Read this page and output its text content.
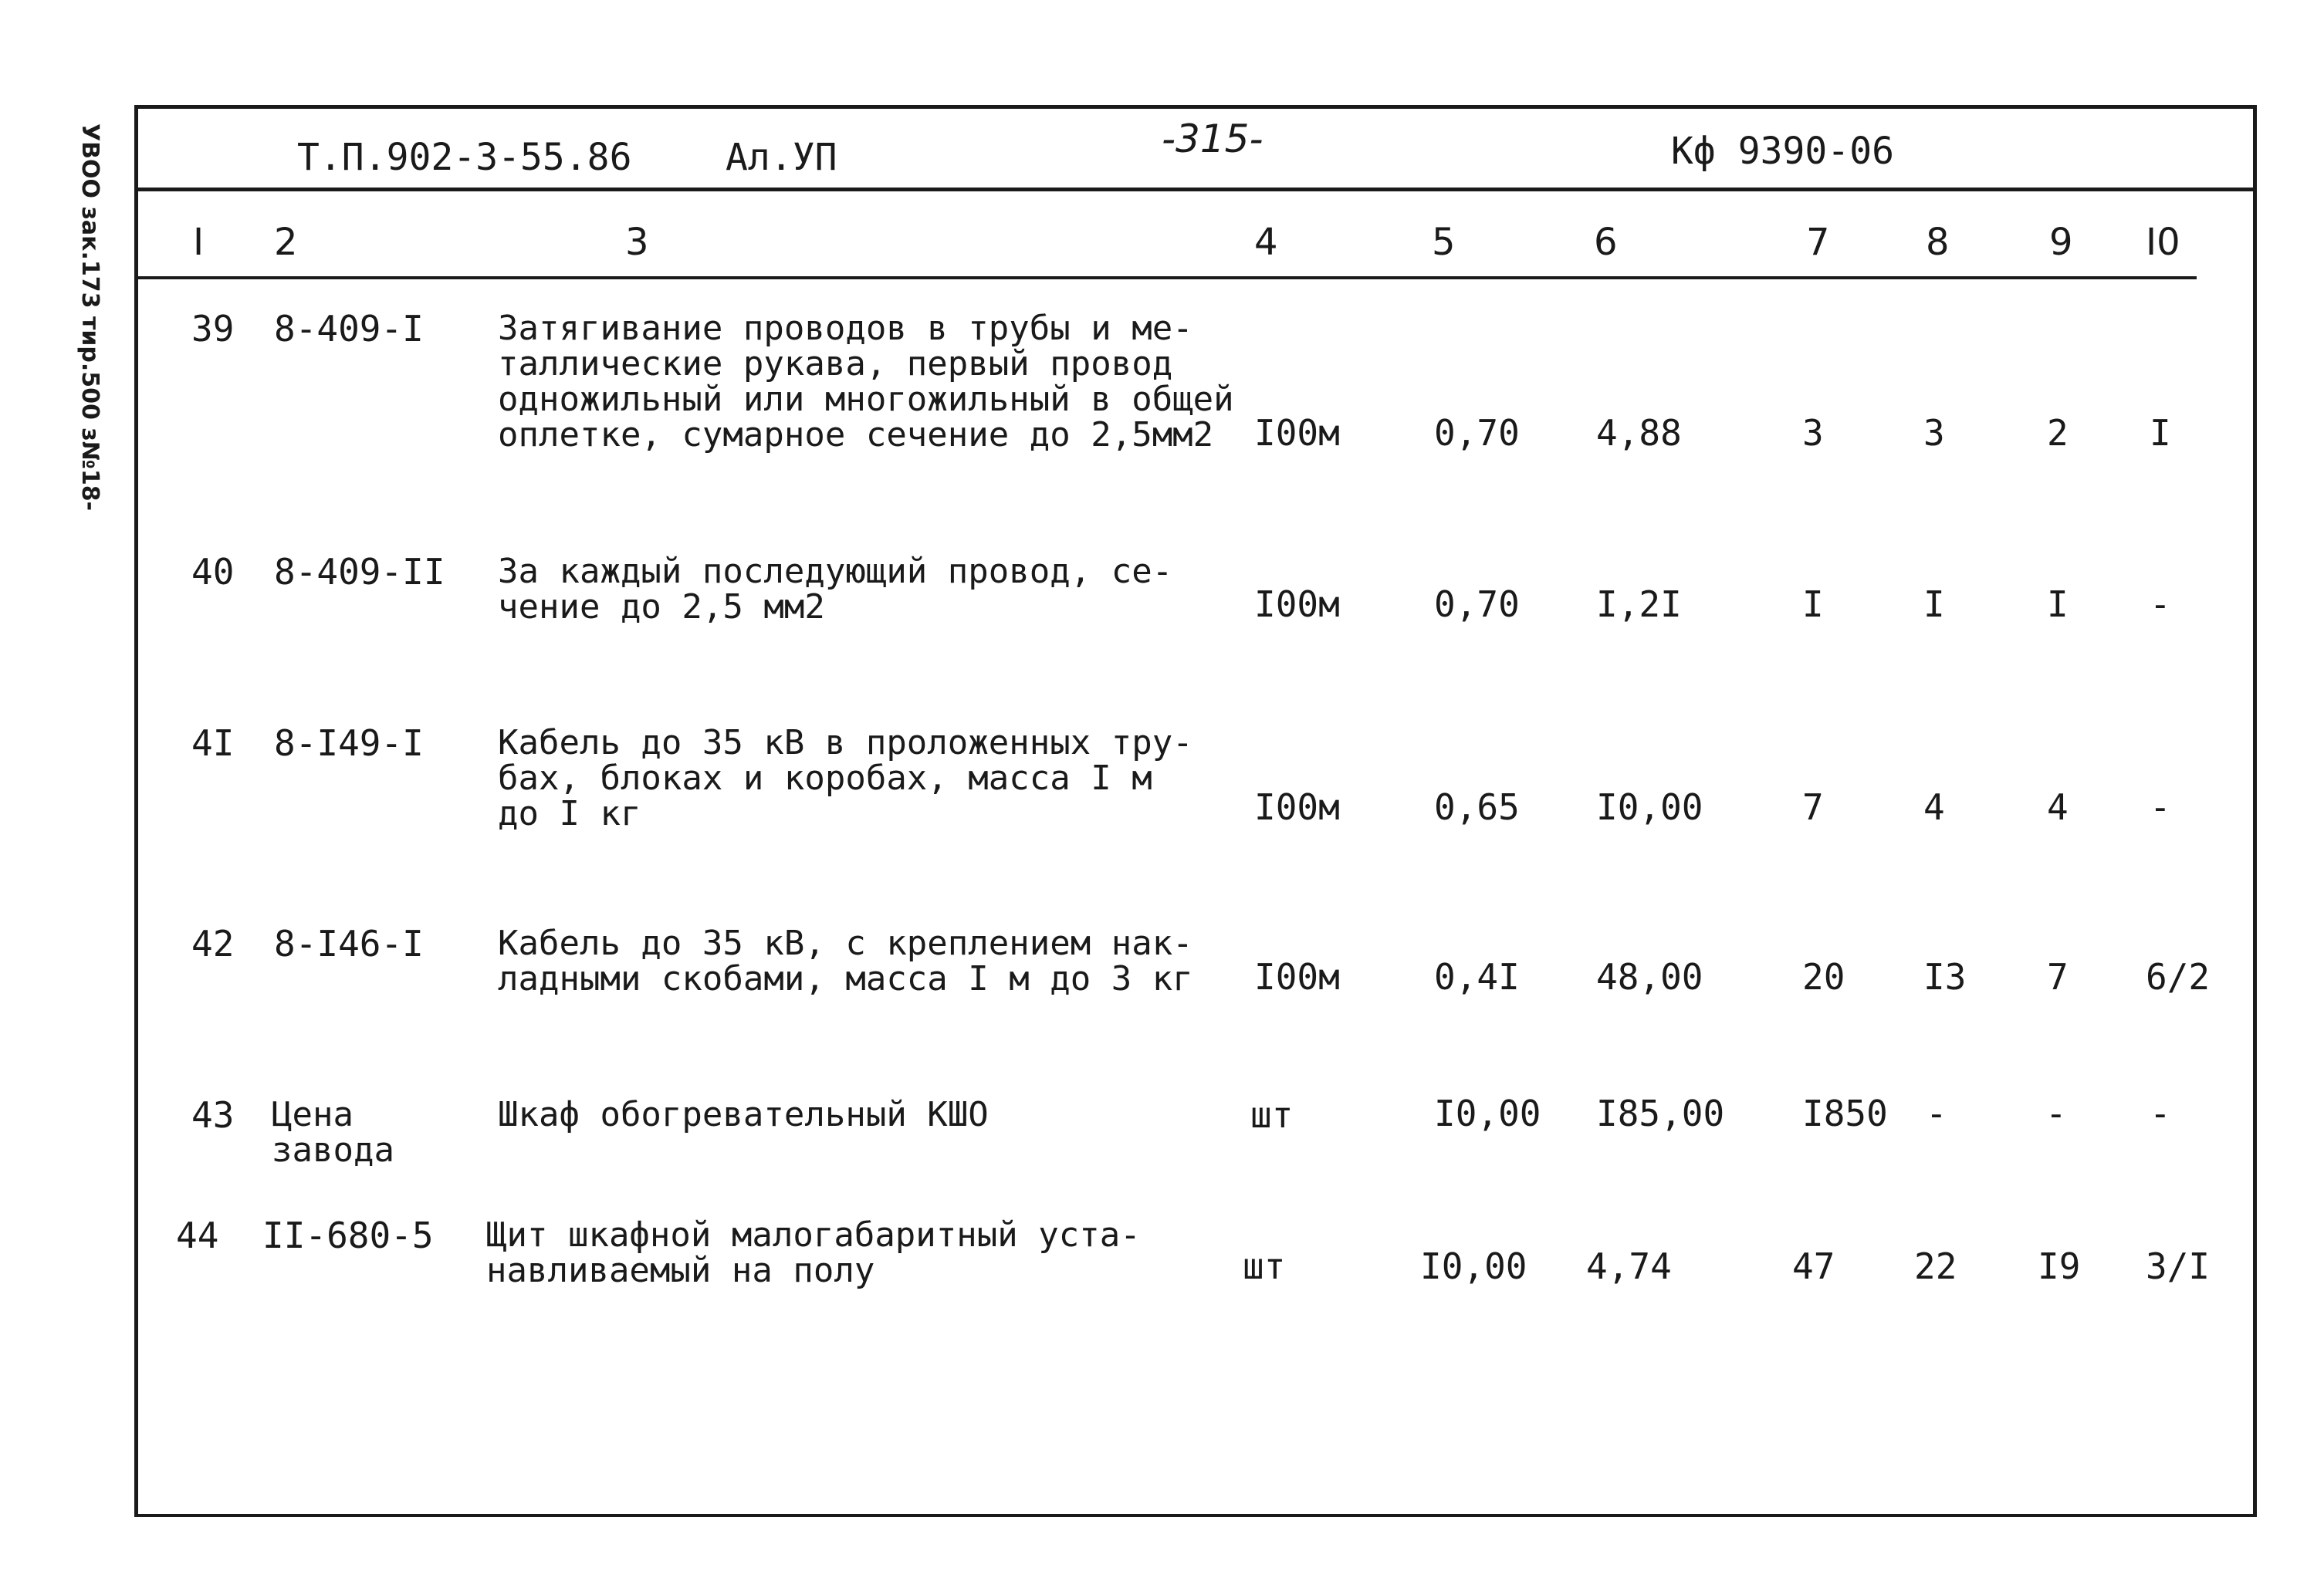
УВОО зак.173 тир.500 з№18-	Т.П.902-3-55.86	Ал.УП	-315-	Кф 9390-06
I 2	3	4	5	6	7	8	9 I0
39 8-409-I Затягивание проводов в трубы и ме-
таллические рукава, первый провод
одножильный или многожильный в общей
оплетке, сумарное сечение до 2,5мм2 I00м	0,70 4,88	3	3	2 I
40 8-409-II За каждый последующий провод, се-
чение до 2,5 мм2	I00м	0,70 I,2I	I	I	I -
4I 8-I49-I Кабель до 35 кВ в проложенных тру-
бах, блоках и коробах, масса I м
до I кг	I00м	0,65 I0,00	7	4	4 -
42 8-I46-I Кабель до 35 кВ, с креплением нак-
ладными скобами, масса I м до 3 кг I00м	0,4I 48,00	20 I3 7 6/2
43 Цена
завода
Шкаф обогревательный КШО	шт	I0,00 I85,00 I850 -	- -
44 II-680-5 Щит шкафной малогабаритный уста-
навливаемый на полу	шт	I0,00 4,74	47 22 I9 3/I
